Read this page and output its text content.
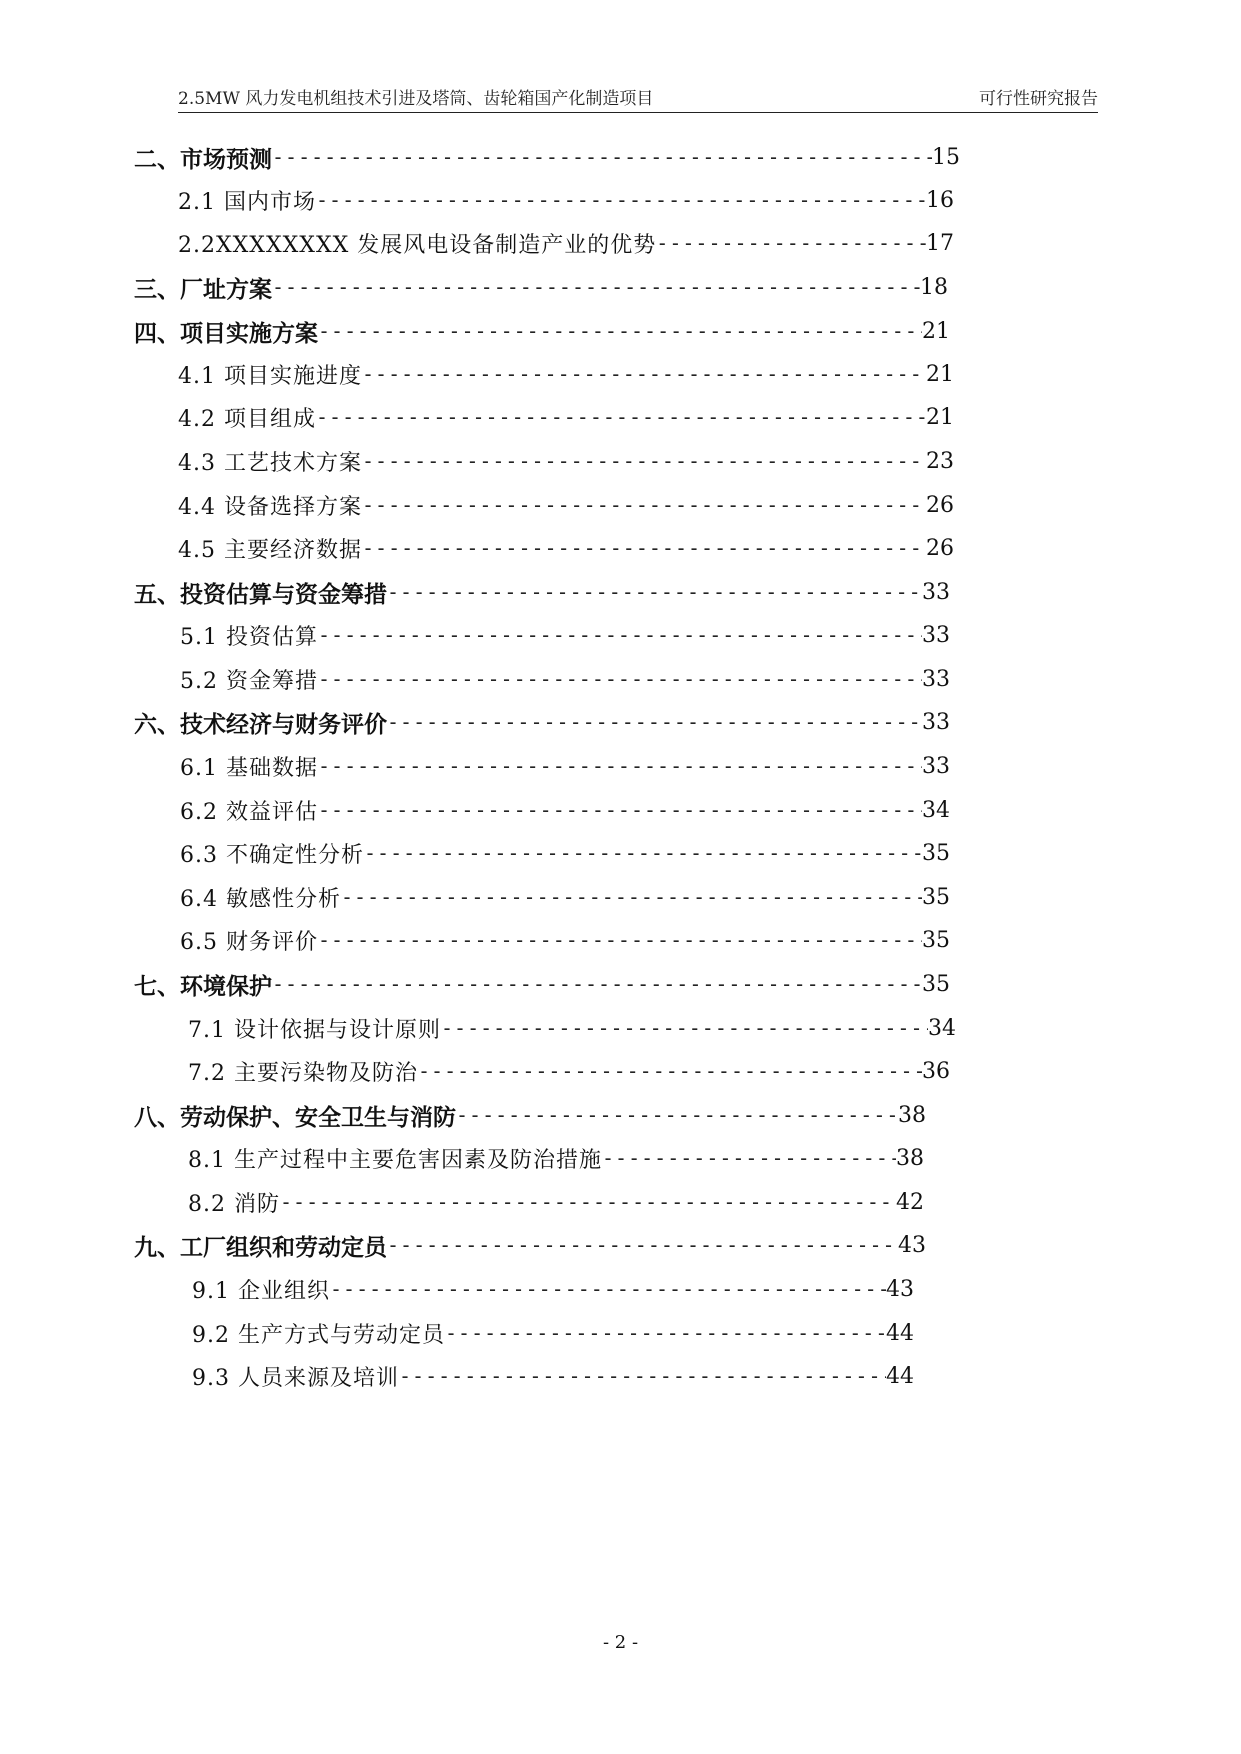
2.5MW 风力发电机组技术引进及塔筒、齿轮箱国产化制造项目	可行性研究报告
二、市场预测 -----	15
2.1 国内市场 -----	16
2.2XXXXXXXX 发展风电设备制造产业的优势 -----	17
三、厂址方案 -----	18
四、项目实施方案 -----	21
4.1 项目实施进度 -----	21
4.2 项目组成 -----	21
4.3 工艺技术方案 -----	23
4.4 设备选择方案 -----	26
4.5 主要经济数据 -----	26
五、投资估算与资金筹措 -----	33
5.1 投资估算 -----	33
5.2 资金筹措 -----	33
六、技术经济与财务评价 -----	33
6.1 基础数据 -----	33
6.2 效益评估 -----	34
6.3 不确定性分析 -----	35
6.4 敏感性分析 -----	35
6.5 财务评价 -----	35
七、环境保护 -----	35
7.1 设计依据与设计原则 -----	34
7.2 主要污染物及防治 -----	36
八、劳动保护、安全卫生与消防 -----	38
8.1 生产过程中主要危害因素及防治措施 -----	38
8.2 消防 -----	42
九、工厂组织和劳动定员 -----	43
9.1 企业组织 -----	43
9.2 生产方式与劳动定员 -----	44
9.3 人员来源及培训 -----	44
- 2 -
